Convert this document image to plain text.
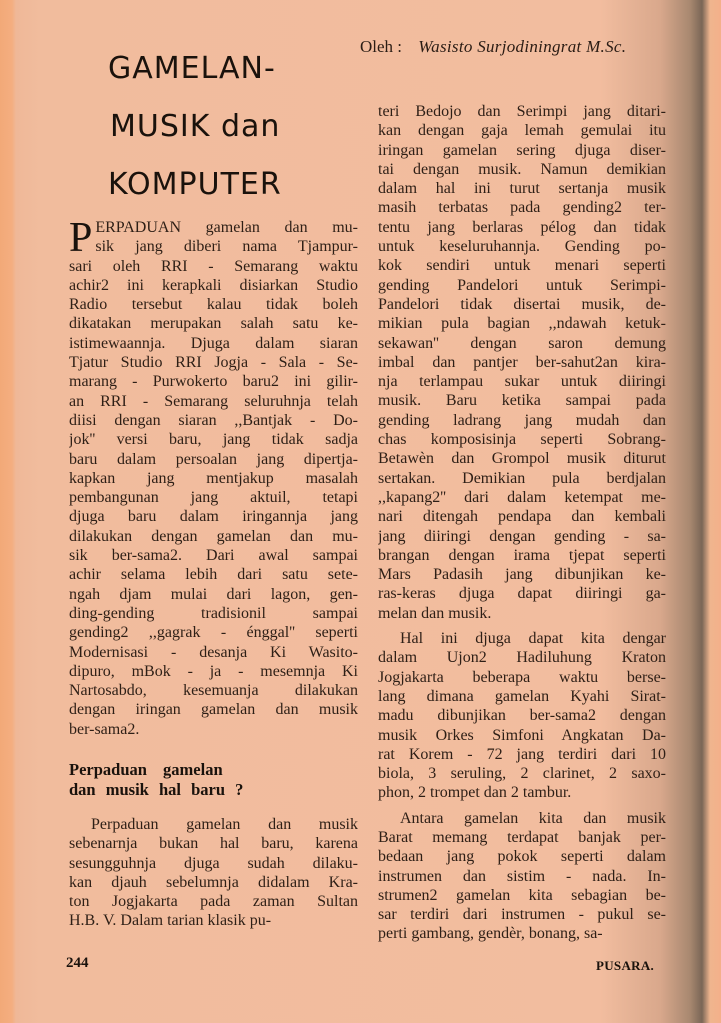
GAMELAN-
MUSIK dan
KOMPUTER
Oleh : Wasisto Surjodiningrat M.Sc.
P ERPADUAN gamelan dan mu-
sik jang diberi nama Tjampur-
sari oleh RRI - Semarang waktu
achir2 ini kerapkali disiarkan Studio
Radio tersebut kalau tidak boleh
dikatakan merupakan salah satu ke-
istimewaannja. Djuga dalam siaran
Tjatur Studio RRI Jogja - Sala - Se-
marang - Purwokerto baru2 ini gilir-
an RRI - Semarang seluruhnja telah
diisi dengan siaran ,,Bantjak - Do-
jok'' versi baru, jang tidak sadja
baru dalam persoalan jang dipertja-
kapkan jang mentjakup masalah
pembangunan jang aktuil, tetapi
djuga baru dalam iringannja jang
dilakukan dengan gamelan dan mu-
sik ber-sama2. Dari awal sampai
achir selama lebih dari satu sete-
ngah djam mulai dari lagon, gen-
ding-gending tradisionil sampai
gending2 ,,gagrak - énggal'' seperti
Modernisasi - desanja Ki Wasito-
dipuro, mBok - ja - mesemnja Ki
Nartosabdo, kesemuanja dilakukan
dengan iringan gamelan dan musik
ber-sama2.
Perpaduan gamelan
dan musik hal baru ?
Perpaduan gamelan dan musik
sebenarnja bukan hal baru, karena
sesungguhnja djuga sudah dilaku-
kan djauh sebelumnja didalam Kra-
ton Jogjakarta pada zaman Sultan
H.B. V. Dalam tarian klasik pu-
teri Bedojo dan Serimpi jang ditari-
kan dengan gaja lemah gemulai itu
iringan gamelan sering djuga diser-
tai dengan musik. Namun demikian
dalam hal ini turut sertanja musik
masih terbatas pada gending2 ter-
tentu jang berlaras pélog dan tidak
untuk keseluruhannja. Gending po-
kok sendiri untuk menari seperti
gending Pandelori untuk Serimpi-
Pandelori tidak disertai musik, de-
mikian pula bagian ,,ndawah ketuk-
sekawan'' dengan saron demung
imbal dan pantjer ber-sahut2an kira-
nja terlampau sukar untuk diiringi
musik. Baru ketika sampai pada
gending ladrang jang mudah dan
chas komposisinja seperti Sobrang-
Betawèn dan Grompol musik diturut
sertakan. Demikian pula berdjalan
,,kapang2'' dari dalam ketempat me-
nari ditengah pendapa dan kembali
jang diiringi dengan gending - sa-
brangan dengan irama tjepat seperti
Mars Padasih jang dibunjikan ke-
ras-keras djuga dapat diiringi ga-
melan dan musik.
Hal ini djuga dapat kita dengar
dalam Ujon2 Hadiluhung Kraton
Jogjakarta beberapa waktu berse-
lang dimana gamelan Kyahi Sirat-
madu dibunjikan ber-sama2 dengan
musik Orkes Simfoni Angkatan Da-
rat Korem - 72 jang terdiri dari 10
biola, 3 seruling, 2 clarinet, 2 saxo-
phon, 2 trompet dan 2 tambur.
Antara gamelan kita dan musik
Barat memang terdapat banjak per-
bedaan jang pokok seperti dalam
instrumen dan sistim - nada. In-
strumen2 gamelan kita sebagian be-
sar terdiri dari instrumen - pukul se-
perti gambang, gendèr, bonang, sa-
244	PUSARA.
